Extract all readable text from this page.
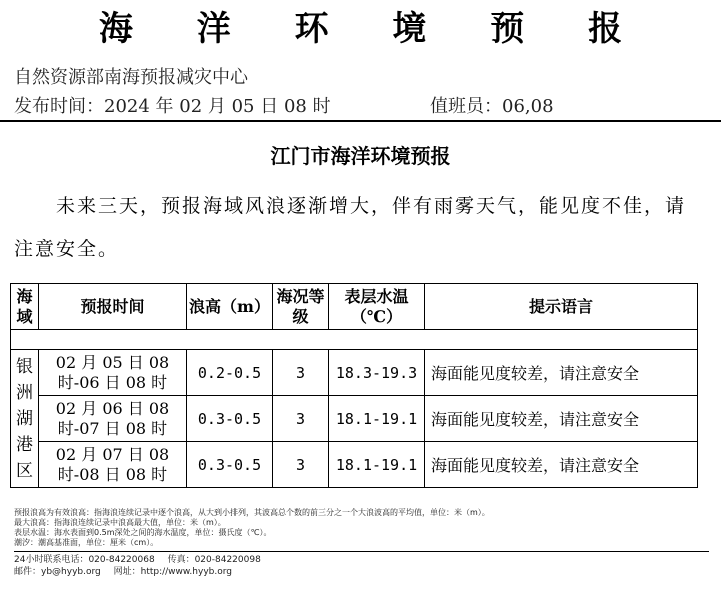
海 洋 环 境 预 报
自然资源部南海预报减灾中心
发布时间：2024 年 02 月 05 日 08 时	值班员：06,08
江门市海洋环境预报
未来三天，预报海域风浪逐渐增大，伴有雨雾天气，能见度不佳，请注意安全。
海域	预报时间	浪高（m）	海况等级	表层水温（℃）	提示语言

银洲湖港区	02 月 05 日 08 时-06 日 08 时	0.2-0.5	3	18.3-19.3	海面能见度较差，请注意安全
	02 月 06 日 08 时-07 日 08 时	0.3-0.5	3	18.1-19.1	海面能见度较差，请注意安全
	02 月 07 日 08 时-08 日 08 时	0.3-0.5	3	18.1-19.1	海面能见度较差，请注意安全
预报浪高为有效浪高：指海浪连续记录中逐个浪高，从大到小排列，其波高总个数的前三分之一个大浪波高的平均值，单位：米（m）。
最大浪高：指海浪连续记录中浪高最大值，单位：米（m）。
表层水温：海水表面到0.5m深处之间的海水温度，单位：摄氏度（℃）。
潮汐：潮高基准面，单位：厘米（cm）。
24小时联系电话：020-84220068 传真：020-84220098
邮件：yb@hyyb.org 网址：http://www.hyyb.org
